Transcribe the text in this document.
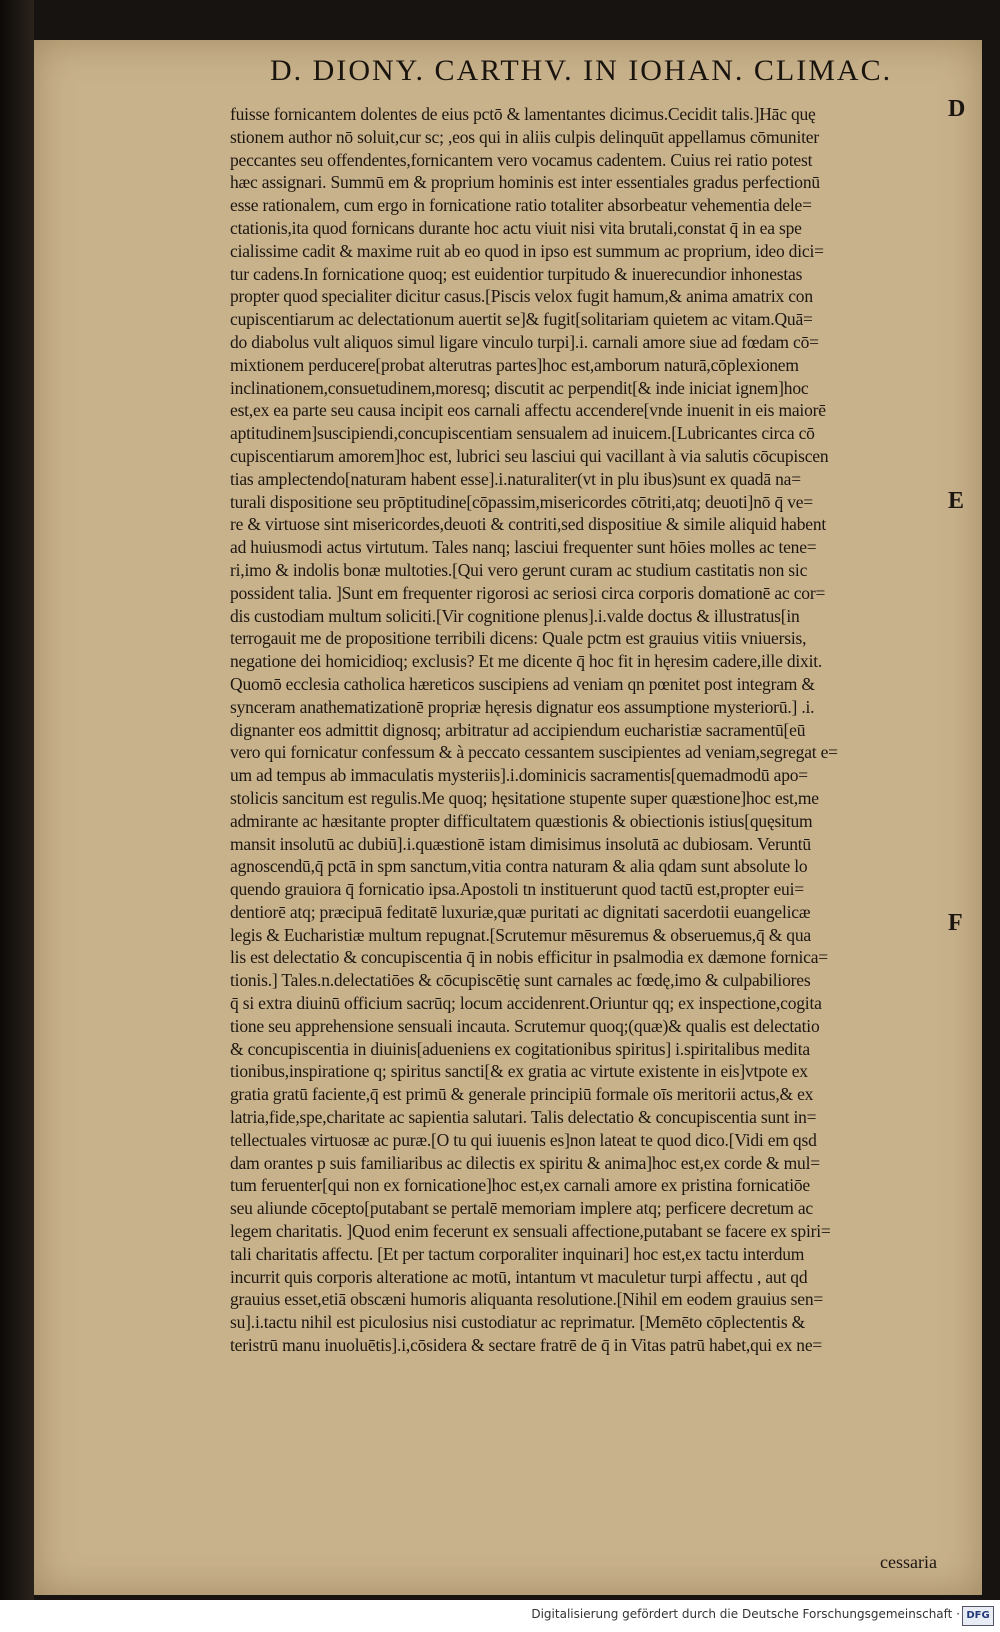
D. DIONY. CARTHV. IN IOHAN. CLIMAC.
fuisse fornicantem dolentes de eius pctō & lamentantes dicimus.Cecidit talis.]Hāc quę
stionem author nō soluit,cur sc; ,eos qui in aliis culpis delinquūt appellamus cōmuniter
peccantes seu offendentes,fornicantem vero vocamus cadentem. Cuius rei ratio potest
hæc assignari. Summū em & proprium hominis est inter essentiales gradus perfectionū
esse rationalem, cum ergo in fornicatione ratio totaliter absorbeatur vehementia dele=
ctationis,ita quod fornicans durante hoc actu viuit nisi vita brutali,constat q̄ in ea spe
cialissime cadit & maxime ruit ab eo quod in ipso est summum ac proprium, ideo dici=
tur cadens.In fornicatione quoq; est euidentior turpitudo & inuerecundior inhonestas
propter quod specialiter dicitur casus.[Piscis velox fugit hamum,& anima amatrix con
cupiscentiarum ac delectationum auertit se]& fugit[solitariam quietem ac vitam.Quā=
do diabolus vult aliquos simul ligare vinculo turpi].i. carnali amore siue ad fœdam cō=
mixtionem perducere[probat alterutras partes]hoc est,amborum naturā,cōplexionem
inclinationem,consuetudinem,moresq; discutit ac perpendit[& inde iniciat ignem]hoc
est,ex ea parte seu causa incipit eos carnali affectu accendere[vnde inuenit in eis maiorē
aptitudinem]suscipiendi,concupiscentiam sensualem ad inuicem.[Lubricantes circa cō
cupiscentiarum amorem]hoc est, lubrici seu lasciui qui vacillant à via salutis cōcupiscen
tias amplectendo[naturam habent esse].i.naturaliter(vt in plu ibus)sunt ex quadā na=
turali dispositione seu prōptitudine[cōpassim,misericordes cōtriti,atq; deuoti]nō q̄ ve=
re & virtuose sint misericordes,deuoti & contriti,sed dispositiue & simile aliquid habent
ad huiusmodi actus virtutum. Tales nanq; lasciui frequenter sunt hōies molles ac tene=
ri,imo & indolis bonæ multoties.[Qui vero gerunt curam ac studium castitatis non sic
possident talia. ]Sunt em frequenter rigorosi ac seriosi circa corporis domationē ac cor=
dis custodiam multum soliciti.[Vir cognitione plenus].i.valde doctus & illustratus[in
terrogauit me de propositione terribili dicens: Quale pctm est grauius vitiis vniuersis,
negatione dei homicidioq; exclusis? Et me dicente q̄ hoc fit in hęresim cadere,ille dixit.
Quomō ecclesia catholica hæreticos suscipiens ad veniam qn pœnitet post integram &
synceram anathematizationē propriæ hęresis dignatur eos assumptione mysteriorū.] .i.
dignanter eos admittit dignosq; arbitratur ad accipiendum eucharistiæ sacramentū[eū
vero qui fornicatur confessum & à peccato cessantem suscipientes ad veniam,segregat e=
um ad tempus ab immaculatis mysteriis].i.dominicis sacramentis[quemadmodū apo=
stolicis sancitum est regulis.Me quoq; hęsitatione stupente super quæstione]hoc est,me
admirante ac hæsitante propter difficultatem quæstionis & obiectionis istius[quęsitum
mansit insolutū ac dubiū].i.quæstionē istam dimisimus insolutā ac dubiosam. Veruntū
agnoscendū,q̄ pctā in spm sanctum,vitia contra naturam & alia qdam sunt absolute lo
quendo grauiora q̄ fornicatio ipsa.Apostoli tn instituerunt quod tactū est,propter eui=
dentiorē atq; præcipuā feditatē luxuriæ,quæ puritati ac dignitati sacerdotii euangelicæ
legis & Eucharistiæ multum repugnat.[Scrutemur mēsuremus & obseruemus,q̄ & qua
lis est delectatio & concupiscentia q̄ in nobis efficitur in psalmodia ex dæmone fornica=
tionis.] Tales.n.delectatiōes & cōcupiscētię sunt carnales ac fœdę,imo & culpabiliores
q̄ si extra diuinū officium sacrūq; locum accidenrent.Oriuntur qq; ex inspectione,cogita
tione seu apprehensione sensuali incauta. Scrutemur quoq;(quæ)& qualis est delectatio
& concupiscentia in diuinis[adueniens ex cogitationibus spiritus] i.spiritalibus medita
tionibus,inspiratione q; spiritus sancti[& ex gratia ac virtute existente in eis]vtpote ex
gratia gratū faciente,q̄ est primū & generale principiū formale oīs meritorii actus,& ex
latria,fide,spe,charitate ac sapientia salutari. Talis delectatio & concupiscentia sunt in=
tellectuales virtuosæ ac puræ.[O tu qui iuuenis es]non lateat te quod dico.[Vidi em qsd
dam orantes p suis familiaribus ac dilectis ex spiritu & anima]hoc est,ex corde & mul=
tum feruenter[qui non ex fornicatione]hoc est,ex carnali amore ex pristina fornicatiōe
seu aliunde cōcepto[putabant se pertalē memoriam implere atq; perficere decretum ac
legem charitatis. ]Quod enim fecerunt ex sensuali affectione,putabant se facere ex spiri=
tali charitatis affectu. [Et per tactum corporaliter inquinari] hoc est,ex tactu interdum
incurrit quis corporis alteratione ac motū, intantum vt maculetur turpi affectu , aut qd
grauius esset,etiā obscæni humoris aliquanta resolutione.[Nihil em eodem grauius sen=
su].i.tactu nihil est piculosius nisi custodiatur ac reprimatur. [Memēto cōplectentis &
teristrū manu inuoluētis].i,cōsidera & sectare fratrē de q̄ in Vitas patrū habet,qui ex ne=
D
E
F
cessaria
Digitalisierung gefördert durch die Deutsche Forschungsgemeinschaft · DFG
